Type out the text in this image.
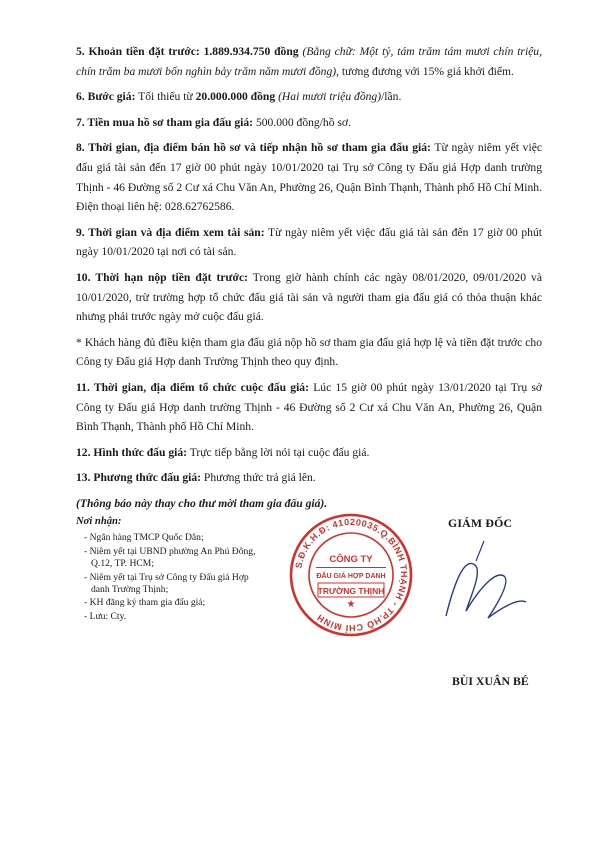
5. Khoản tiền đặt trước: 1.889.934.750 đồng (Bằng chữ: Một tỷ, tám trăm tám mươi chín triệu, chín trăm ba mươi bốn nghìn bảy trăm năm mươi đồng), tương đương với 15% giá khởi điểm.

6. Bước giá: Tối thiểu từ 20.000.000 đồng (Hai mươi triệu đồng)/lần.

7. Tiền mua hồ sơ tham gia đấu giá: 500.000 đồng/hồ sơ.

8. Thời gian, địa điểm bán hồ sơ và tiếp nhận hồ sơ tham gia đấu giá: Từ ngày niêm yết việc đấu giá tài sản đến 17 giờ 00 phút ngày 10/01/2020 tại Trụ sở Công ty Đấu giá Hợp danh trường Thịnh - 46 Đường số 2 Cư xá Chu Văn An, Phường 26, Quận Bình Thạnh, Thành phố Hồ Chí Minh. Điện thoại liên hệ: 028.62762586.

9. Thời gian và địa điểm xem tài sản: Từ ngày niêm yết việc đấu giá tài sản đến 17 giờ 00 phút ngày 10/01/2020 tại nơi có tài sản.

10. Thời hạn nộp tiền đặt trước: Trong giờ hành chính các ngày 08/01/2020, 09/01/2020 và 10/01/2020, trừ trường hợp tổ chức đấu giá tài sản và người tham gia đấu giá có thỏa thuận khác nhưng phải trước ngày mở cuộc đấu giá.

* Khách hàng đủ điều kiện tham gia đấu giá nộp hồ sơ tham gia đấu giá hợp lệ và tiền đặt trước cho Công ty Đấu giá Hợp danh Trường Thịnh theo quy định.

11. Thời gian, địa điểm tổ chức cuộc đấu giá: Lúc 15 giờ 00 phút ngày 13/01/2020 tại Trụ sở Công ty Đấu giá Hợp danh trường Thịnh - 46 Đường số 2 Cư xá Chu Văn An, Phường 26, Quận Bình Thạnh, Thành phố Hồ Chí Minh.

12. Hình thức đấu giá: Trực tiếp bằng lời nói tại cuộc đấu giá.

13. Phương thức đấu giá: Phương thức trả giá lên.

(Thông báo này thay cho thư mời tham gia đấu giá).

Nơi nhận:
- Ngân hàng TMCP Quốc Dân;
- Niêm yết tại UBND phường An Phú Đông, Q.12, TP. HCM;
- Niêm yết tại Trụ sở Công ty Đấu giá Hợp danh Trường Thịnh;
- KH đăng ký tham gia đấu giá;
- Lưu: Cty.
S.Đ.K.H.Đ: 41020035.Q.BÌNH THẠNH - TP.HỒ CHÍ MINH
CÔNG TY
ĐẤU GIÁ HỢP DANH
TRƯỜNG THỊNH
★
GIÁM ĐỐC
BÙI XUÂN BÉ
